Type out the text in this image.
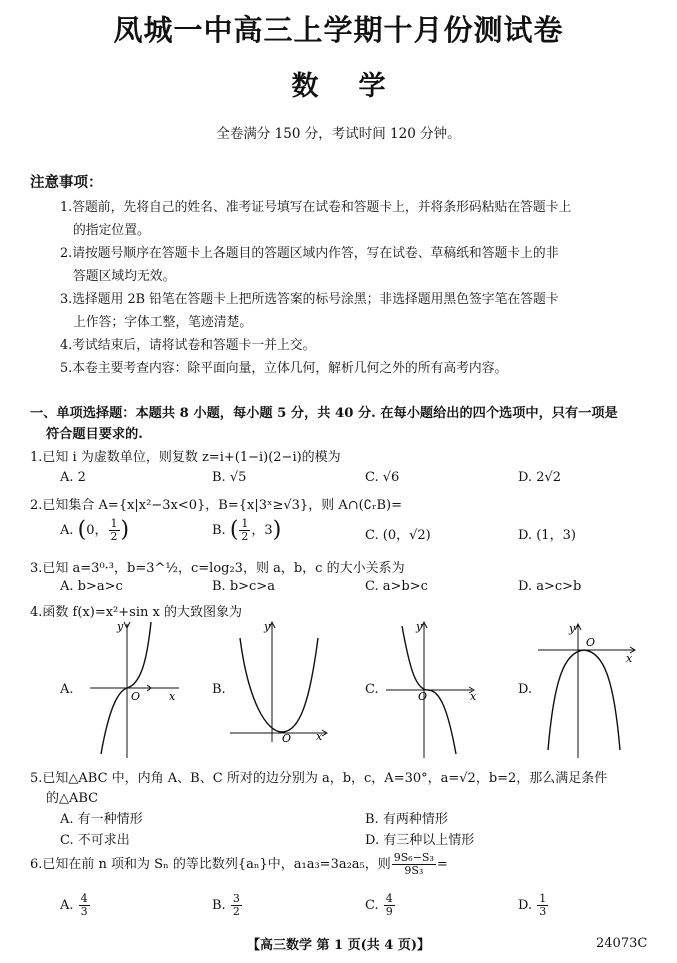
凤城一中高三上学期十月份测试卷
数学
全卷满分 150 分，考试时间 120 分钟。
注意事项：
1.答题前，先将自己的姓名、准考证号填写在试卷和答题卡上，并将条形码粘贴在答题卡上
的指定位置。
2.请按题号顺序在答题卡上各题目的答题区域内作答，写在试卷、草稿纸和答题卡上的非
答题区域均无效。
3.选择题用 2B 铅笔在答题卡上把所选答案的标号涂黑；非选择题用黑色签字笔在答题卡
上作答；字体工整，笔迹清楚。
4.考试结束后，请将试卷和答题卡一并上交。
5.本卷主要考查内容：除平面向量，立体几何，解析几何之外的所有高考内容。
一、单项选择题：本题共 8 小题，每小题 5 分，共 40 分. 在每小题给出的四个选项中，只有一项是
符合题目要求的.
1.已知 i 为虚数单位，则复数 z=i+(1−i)(2−i)的模为
A. 2	B. √5	C. √6	D. 2√2
2.已知集合 A={x|x²−3x<0}，B={x|3ˣ≥√3}，则 A∩(∁ᵣB)=
A. (0， $\frac{1}{2}$ )	B. ( $\frac{1}{2}$ ，3)	C. (0，√2)	D. (1，3)
3.已知 a=3⁰·³，b=3^½，c=log₂3，则 a，b，c 的大小关系为
A. b>a>c	B. b>c>a	C. a>b>c	D. a>c>b
4.函数 f(x)=x²+sin x 的大致图象为
A.	B.	C.	D.
y
x
O
y
x
O
y
x
O
y
x
O
5.已知△ABC 中，内角 A、B、C 所对的边分别为 a，b，c，A=30°，a=√2，b=2，那么满足条件
的△ABC
A. 有一种情形	B. 有两种情形
C. 不可求出	D. 有三种以上情形
6.已知在前 n 项和为 Sₙ 的等比数列{aₙ}中，a₁a₃=3a₂a₅，则 $\frac{\text{9S₆−S₃}}{\text{9S₃}}$ =
A. $\frac{4}{3}$	B. $\frac{3}{2}$	C. $\frac{4}{9}$	D. $\frac{1}{3}$
【高三数学 第 1 页(共 4 页)】	24073C
